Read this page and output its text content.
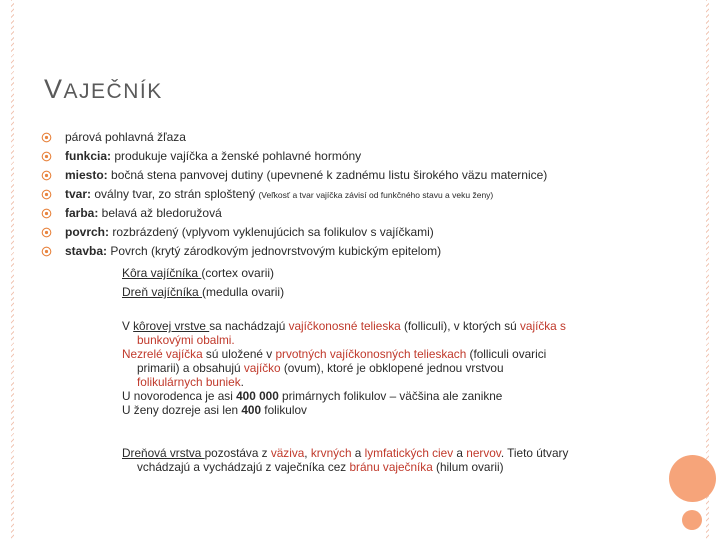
VAJEČNÍK
párová pohlavná žľaza
funkcia: produkuje vajíčka a ženské pohlavné hormóny
miesto: bočná stena panvovej dutiny (upevnené k zadnému listu širokého väzu maternice)
tvar: oválny tvar, zo strán sploštený (Veľkosť a tvar vajíčka závisí od funkčného stavu a veku ženy)
farba: belavá až bledoružová
povrch: rozbrázdený (vplyvom vyklenujúcich sa folikulov s vajíčkami)
stavba: Povrch (krytý zárodkovým jednovrstvovým kubickým epitelom)
Kôra vajíčníka (cortex ovarii)
Dreň vajíčníka (medulla ovarii)
V kôrovej vrstve sa nachádzajú vajíčkonosné telieska (folliculi), v ktorých sú vajíčka s
bunkovými obalmi.
Nezrelé vajíčka sú uložené v prvotných vajíčkonosných telieskach (folliculi ovarici
primarii) a obsahujú vajíčko (ovum), ktoré je obklopené jednou vrstvou
folikulárnych buniek.
U novorodenca je asi 400 000 primárnych folikulov – väčšina ale zanikne
U ženy dozreje asi len 400 folikulov
Dreňová vrstva pozostáva z väziva, krvných a lymfatických ciev a nervov. Tieto útvary
vchádzajú a vychádzajú z vaječníka cez bránu vaječníka (hilum ovarii)
